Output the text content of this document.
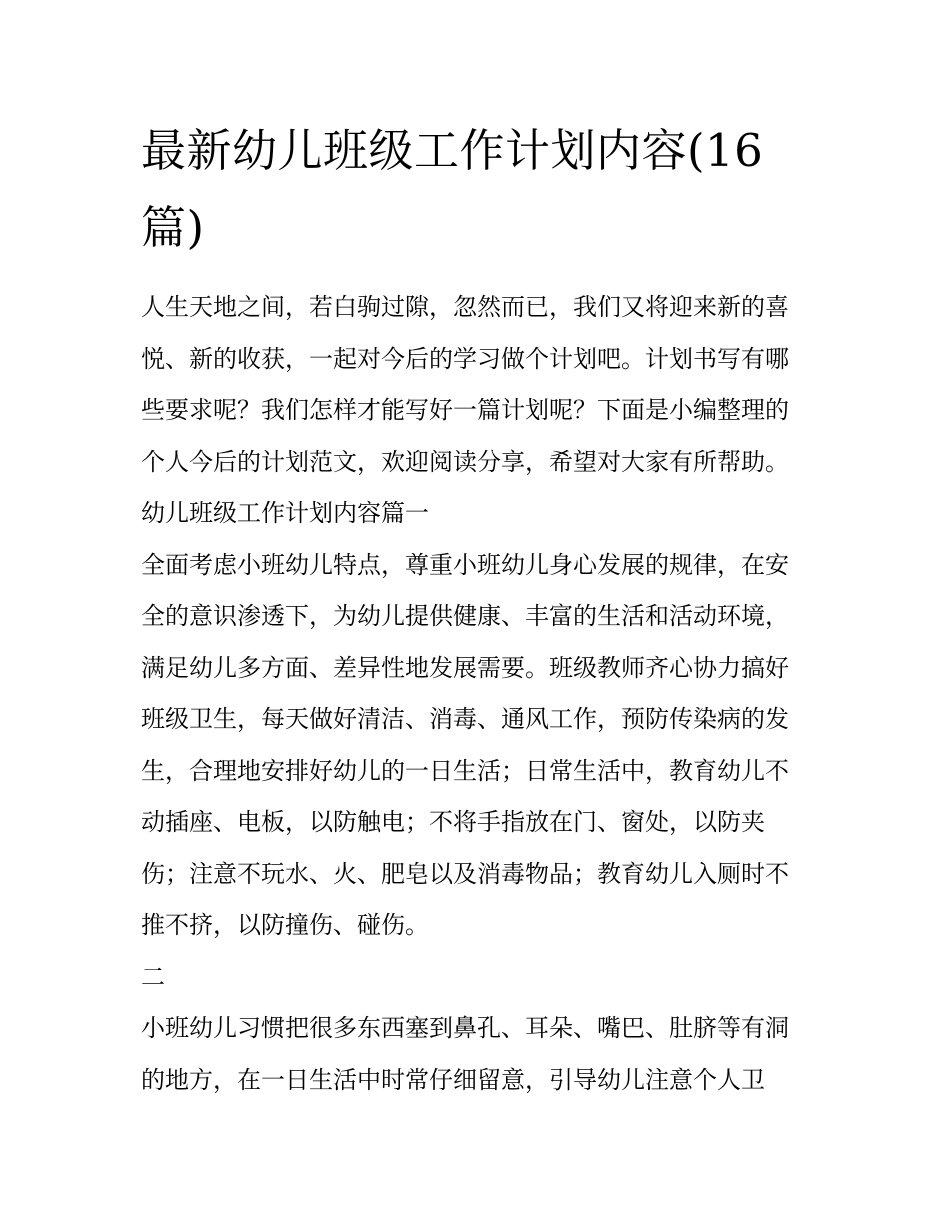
最新幼儿班级工作计划内容(16
篇)

人生天地之间，若白驹过隙，忽然而已，我们又将迎来新的喜
悦、新的收获，一起对今后的学习做个计划吧。计划书写有哪
些要求呢？我们怎样才能写好一篇计划呢？下面是小编整理的
个人今后的计划范文，欢迎阅读分享，希望对大家有所帮助。

幼儿班级工作计划内容篇一

全面考虑小班幼儿特点，尊重小班幼儿身心发展的规律，在安
全的意识渗透下，为幼儿提供健康、丰富的生活和活动环境，
满足幼儿多方面、差异性地发展需要。班级教师齐心协力搞好
班级卫生，每天做好清洁、消毒、通风工作，预防传染病的发
生，合理地安排好幼儿的一日生活；日常生活中，教育幼儿不
动插座、电板，以防触电；不将手指放在门、窗处，以防夹
伤；注意不玩水、火、肥皂以及消毒物品；教育幼儿入厕时不
推不挤，以防撞伤、碰伤。

二

小班幼儿习惯把很多东西塞到鼻孔、耳朵、嘴巴、肚脐等有洞
的地方，在一日生活中时常仔细留意，引导幼儿注意个人卫
